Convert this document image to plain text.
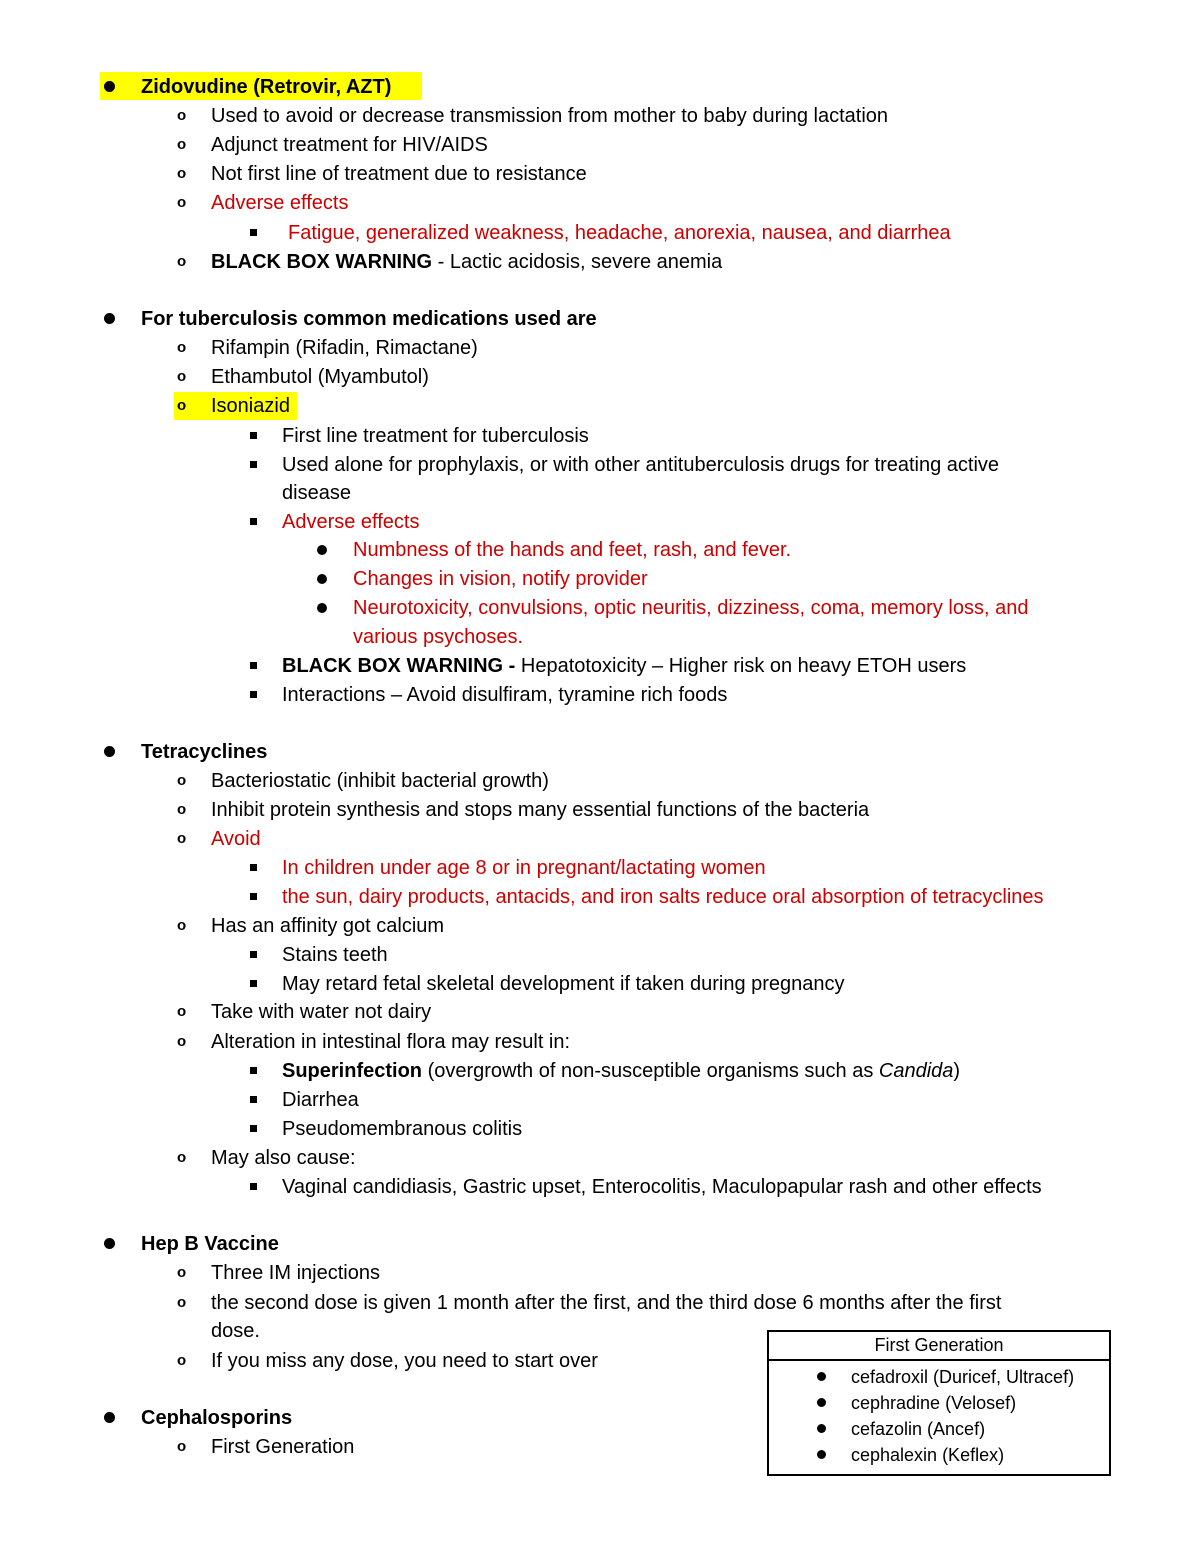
Zidovudine (Retrovir, AZT)
o Used to avoid or decrease transmission from mother to baby during lactation
o Adjunct treatment for HIV/AIDS
o Not first line of treatment due to resistance
o Adverse effects
Fatigue, generalized weakness, headache, anorexia, nausea, and diarrhea
o BLACK BOX WARNING - Lactic acidosis, severe anemia
For tuberculosis common medications used are
o Rifampin (Rifadin, Rimactane)
o Ethambutol (Myambutol)
o Isoniazid
First line treatment for tuberculosis
Used alone for prophylaxis, or with other antituberculosis drugs for treating active
disease
Adverse effects
Numbness of the hands and feet, rash, and fever.
Changes in vision, notify provider
Neurotoxicity, convulsions, optic neuritis, dizziness, coma, memory loss, and
various psychoses.
BLACK BOX WARNING - Hepatotoxicity – Higher risk on heavy ETOH users
Interactions – Avoid disulfiram, tyramine rich foods
Tetracyclines
o Bacteriostatic (inhibit bacterial growth)
o Inhibit protein synthesis and stops many essential functions of the bacteria
o Avoid
In children under age 8 or in pregnant/lactating women
the sun, dairy products, antacids, and iron salts reduce oral absorption of tetracyclines
o Has an affinity got calcium
Stains teeth
May retard fetal skeletal development if taken during pregnancy
o Take with water not dairy
o Alteration in intestinal flora may result in:
Superinfection (overgrowth of non-susceptible organisms such as Candida)
Diarrhea
Pseudomembranous colitis
o May also cause:
Vaginal candidiasis, Gastric upset, Enterocolitis, Maculopapular rash and other effects
Hep B Vaccine
o Three IM injections
o the second dose is given 1 month after the first, and the third dose 6 months after the first
dose.
o If you miss any dose, you need to start over
Cephalosporins
o First Generation
First Generation
cefadroxil (Duricef, Ultracef)
cephradine (Velosef)
cefazolin (Ancef)
cephalexin (Keflex)
